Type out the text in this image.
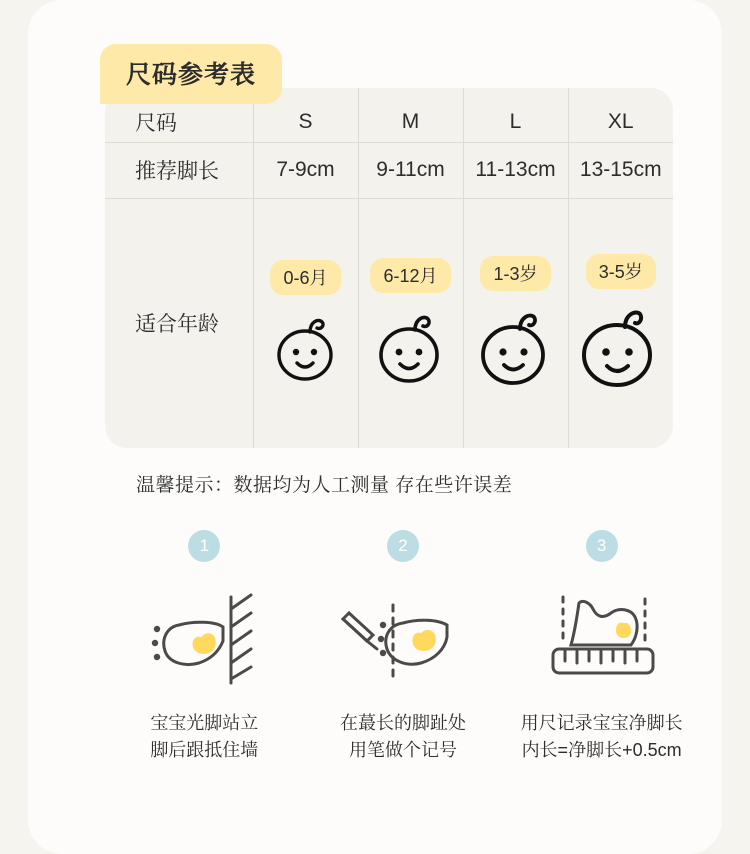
尺码参考表
尺码	S	M	L	XL
推荐脚长	7-9cm	9-11cm	11-13cm	13-15cm
适合年龄	0-6月	6-12月	1-3岁	3-5岁
温馨提示：数据均为人工测量 存在些许误差
1
宝宝光脚站立
脚后跟抵住墙
2
在蕞长的脚趾处
用笔做个记号
3
用尺记录宝宝净脚长
内长=净脚长+0.5cm
